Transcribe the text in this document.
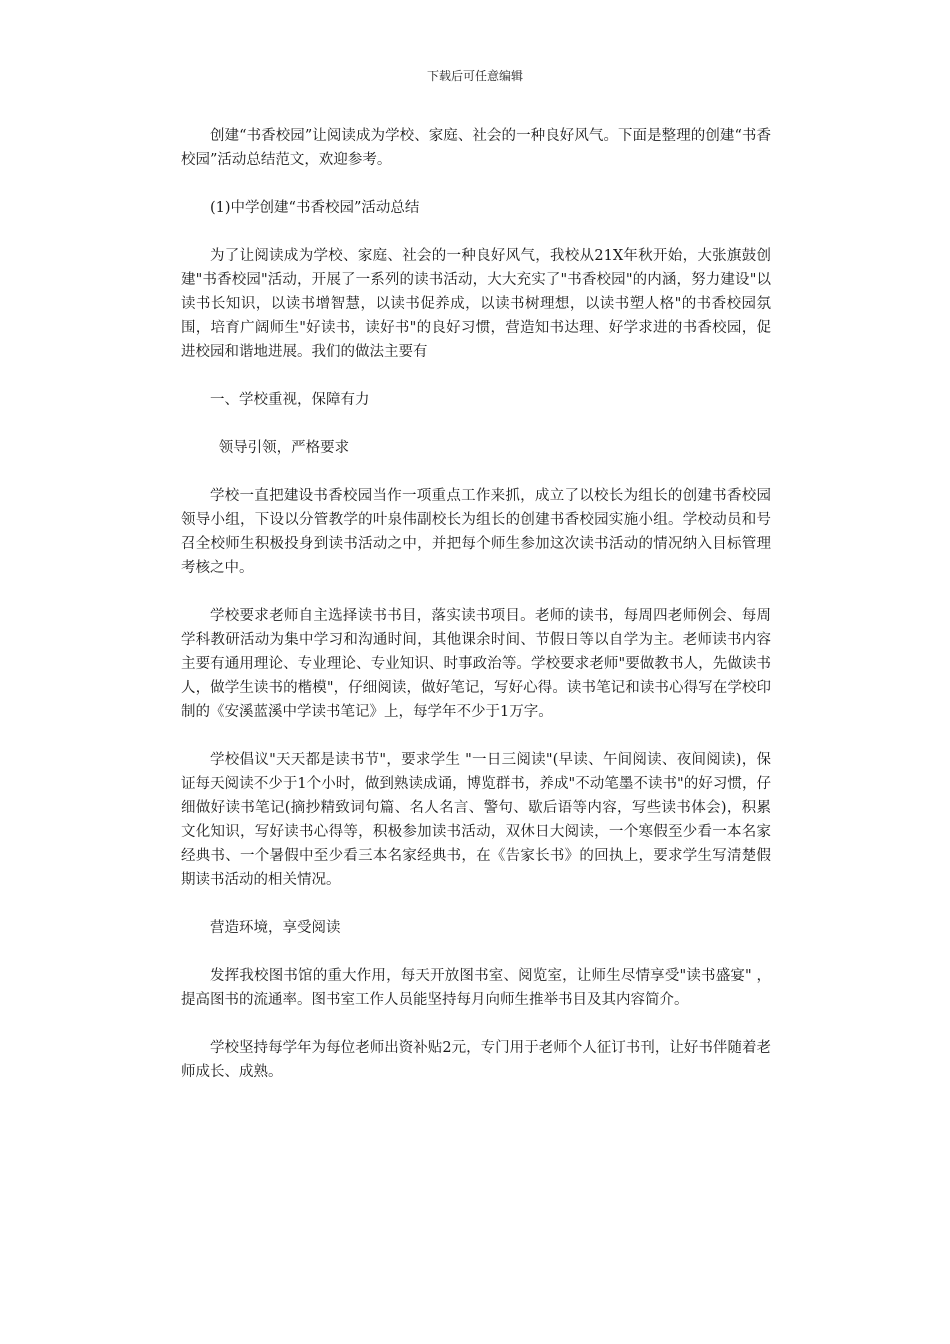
下载后可任意编辑

创建“书香校园”让阅读成为学校、家庭、社会的一种良好风气。下面是整理的创建“书香校园”活动总结范文，欢迎参考。

(1)中学创建“书香校园”活动总结

为了让阅读成为学校、家庭、社会的一种良好风气，我校从21X年秋开始，大张旗鼓创建"书香校园"活动，开展了一系列的读书活动，大大充实了"书香校园"的内涵，努力建设"以读书长知识，以读书增智慧，以读书促养成，以读书树理想，以读书塑人格"的书香校园氛围，培育广阔师生"好读书，读好书"的良好习惯，营造知书达理、好学求进的书香校园，促进校园和谐地进展。我们的做法主要有

一、学校重视，保障有力

领导引领，严格要求

学校一直把建设书香校园当作一项重点工作来抓，成立了以校长为组长的创建书香校园领导小组，下设以分管教学的叶泉伟副校长为组长的创建书香校园实施小组。学校动员和号召全校师生积极投身到读书活动之中，并把每个师生参加这次读书活动的情况纳入目标管理考核之中。

学校要求老师自主选择读书书目，落实读书项目。老师的读书，每周四老师例会、每周学科教研活动为集中学习和沟通时间，其他课余时间、节假日等以自学为主。老师读书内容主要有通用理论、专业理论、专业知识、时事政治等。学校要求老师"要做教书人，先做读书人，做学生读书的楷模"，仔细阅读，做好笔记，写好心得。读书笔记和读书心得写在学校印制的《安溪蓝溪中学读书笔记》上，每学年不少于1万字。

学校倡议"天天都是读书节"，要求学生 "一日三阅读"(早读、午间阅读、夜间阅读)，保证每天阅读不少于1个小时，做到熟读成诵，博览群书，养成"不动笔墨不读书"的好习惯，仔细做好读书笔记(摘抄精致词句篇、名人名言、警句、歇后语等内容，写些读书体会)，积累文化知识，写好读书心得等，积极参加读书活动，双休日大阅读，一个寒假至少看一本名家经典书、一个暑假中至少看三本名家经典书，在《告家长书》的回执上，要求学生写清楚假期读书活动的相关情况。

营造环境，享受阅读

发挥我校图书馆的重大作用，每天开放图书室、阅览室，让师生尽情享受"读书盛宴" ，提高图书的流通率。图书室工作人员能坚持每月向师生推举书目及其内容简介。

学校坚持每学年为每位老师出资补贴2元，专门用于老师个人征订书刊，让好书伴随着老师成长、成熟。
